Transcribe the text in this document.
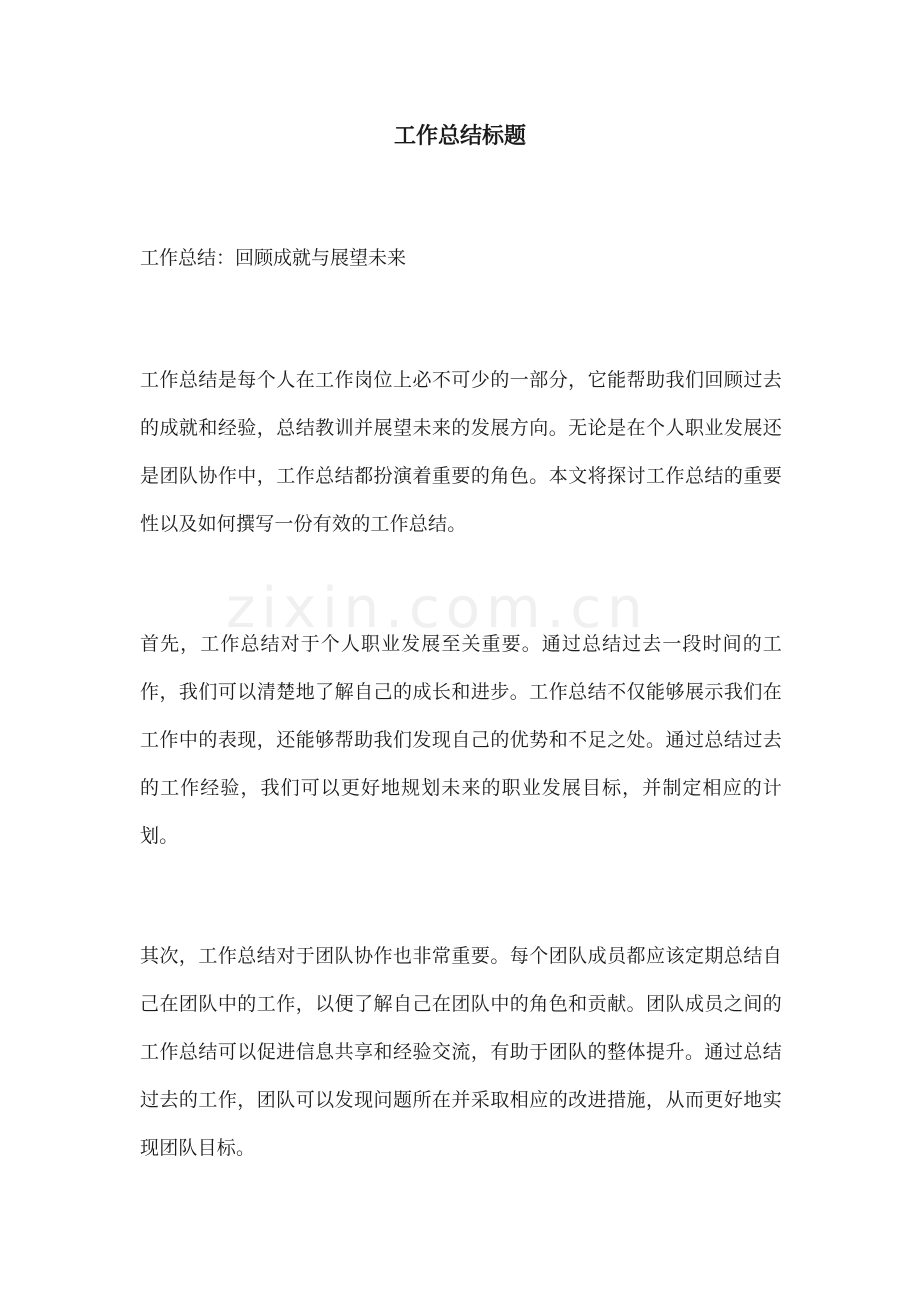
zixin.com.cn
工作总结标题

工作总结：回顾成就与展望未来

工作总结是每个人在工作岗位上必不可少的一部分，它能帮助我们回顾过去的成就和经验，总结教训并展望未来的发展方向。无论是在个人职业发展还是团队协作中，工作总结都扮演着重要的角色。本文将探讨工作总结的重要性以及如何撰写一份有效的工作总结。

首先，工作总结对于个人职业发展至关重要。通过总结过去一段时间的工作，我们可以清楚地了解自己的成长和进步。工作总结不仅能够展示我们在工作中的表现，还能够帮助我们发现自己的优势和不足之处。通过总结过去的工作经验，我们可以更好地规划未来的职业发展目标，并制定相应的计划。

其次，工作总结对于团队协作也非常重要。每个团队成员都应该定期总结自己在团队中的工作，以便了解自己在团队中的角色和贡献。团队成员之间的工作总结可以促进信息共享和经验交流，有助于团队的整体提升。通过总结过去的工作，团队可以发现问题所在并采取相应的改进措施，从而更好地实现团队目标。
